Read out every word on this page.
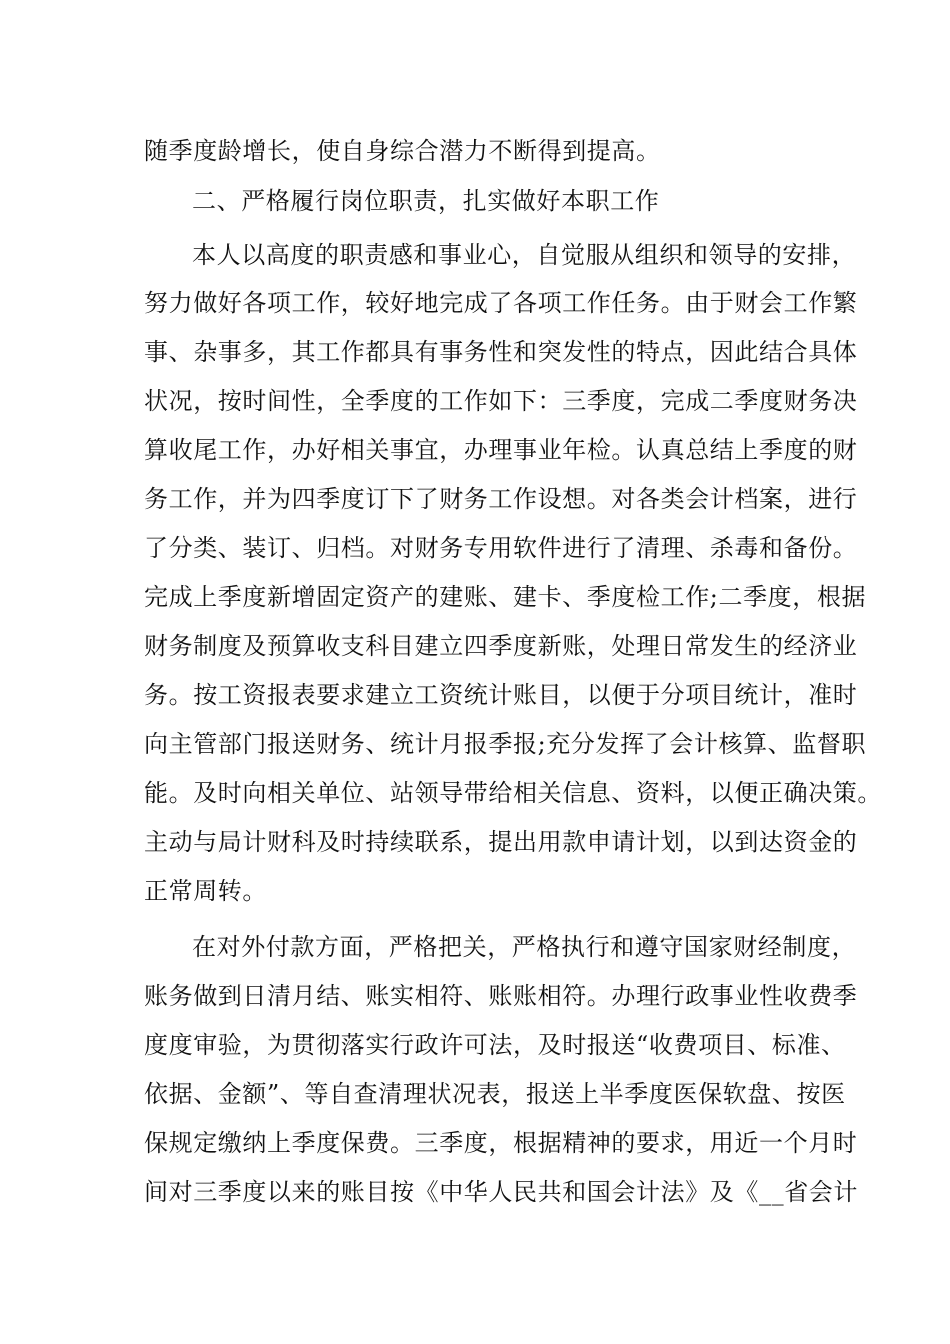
随季度龄增长，使自身综合潜力不断得到提高。
二、严格履行岗位职责，扎实做好本职工作
本人以高度的职责感和事业心，自觉服从组织和领导的安排，
努力做好各项工作，较好地完成了各项工作任务。由于财会工作繁
事、杂事多，其工作都具有事务性和突发性的特点，因此结合具体
状况，按时间性，全季度的工作如下：三季度，完成二季度财务决
算收尾工作，办好相关事宜，办理事业年检。认真总结上季度的财
务工作，并为四季度订下了财务工作设想。对各类会计档案，进行
了分类、装订、归档。对财务专用软件进行了清理、杀毒和备份。
完成上季度新增固定资产的建账、建卡、季度检工作;二季度，根据
财务制度及预算收支科目建立四季度新账，处理日常发生的经济业
务。按工资报表要求建立工资统计账目，以便于分项目统计，准时
向主管部门报送财务、统计月报季报;充分发挥了会计核算、监督职
能。及时向相关单位、站领导带给相关信息、资料，以便正确决策。
主动与局计财科及时持续联系，提出用款申请计划，以到达资金的
正常周转。
在对外付款方面，严格把关，严格执行和遵守国家财经制度，
账务做到日清月结、账实相符、账账相符。办理行政事业性收费季
度度审验，为贯彻落实行政许可法，及时报送“收费项目、标准、
依据、金额”、等自查清理状况表，报送上半季度医保软盘、按医
保规定缴纳上季度保费。三季度，根据精神的要求，用近一个月时
间对三季度以来的账目按《中华人民共和国会计法》及《__省会计
